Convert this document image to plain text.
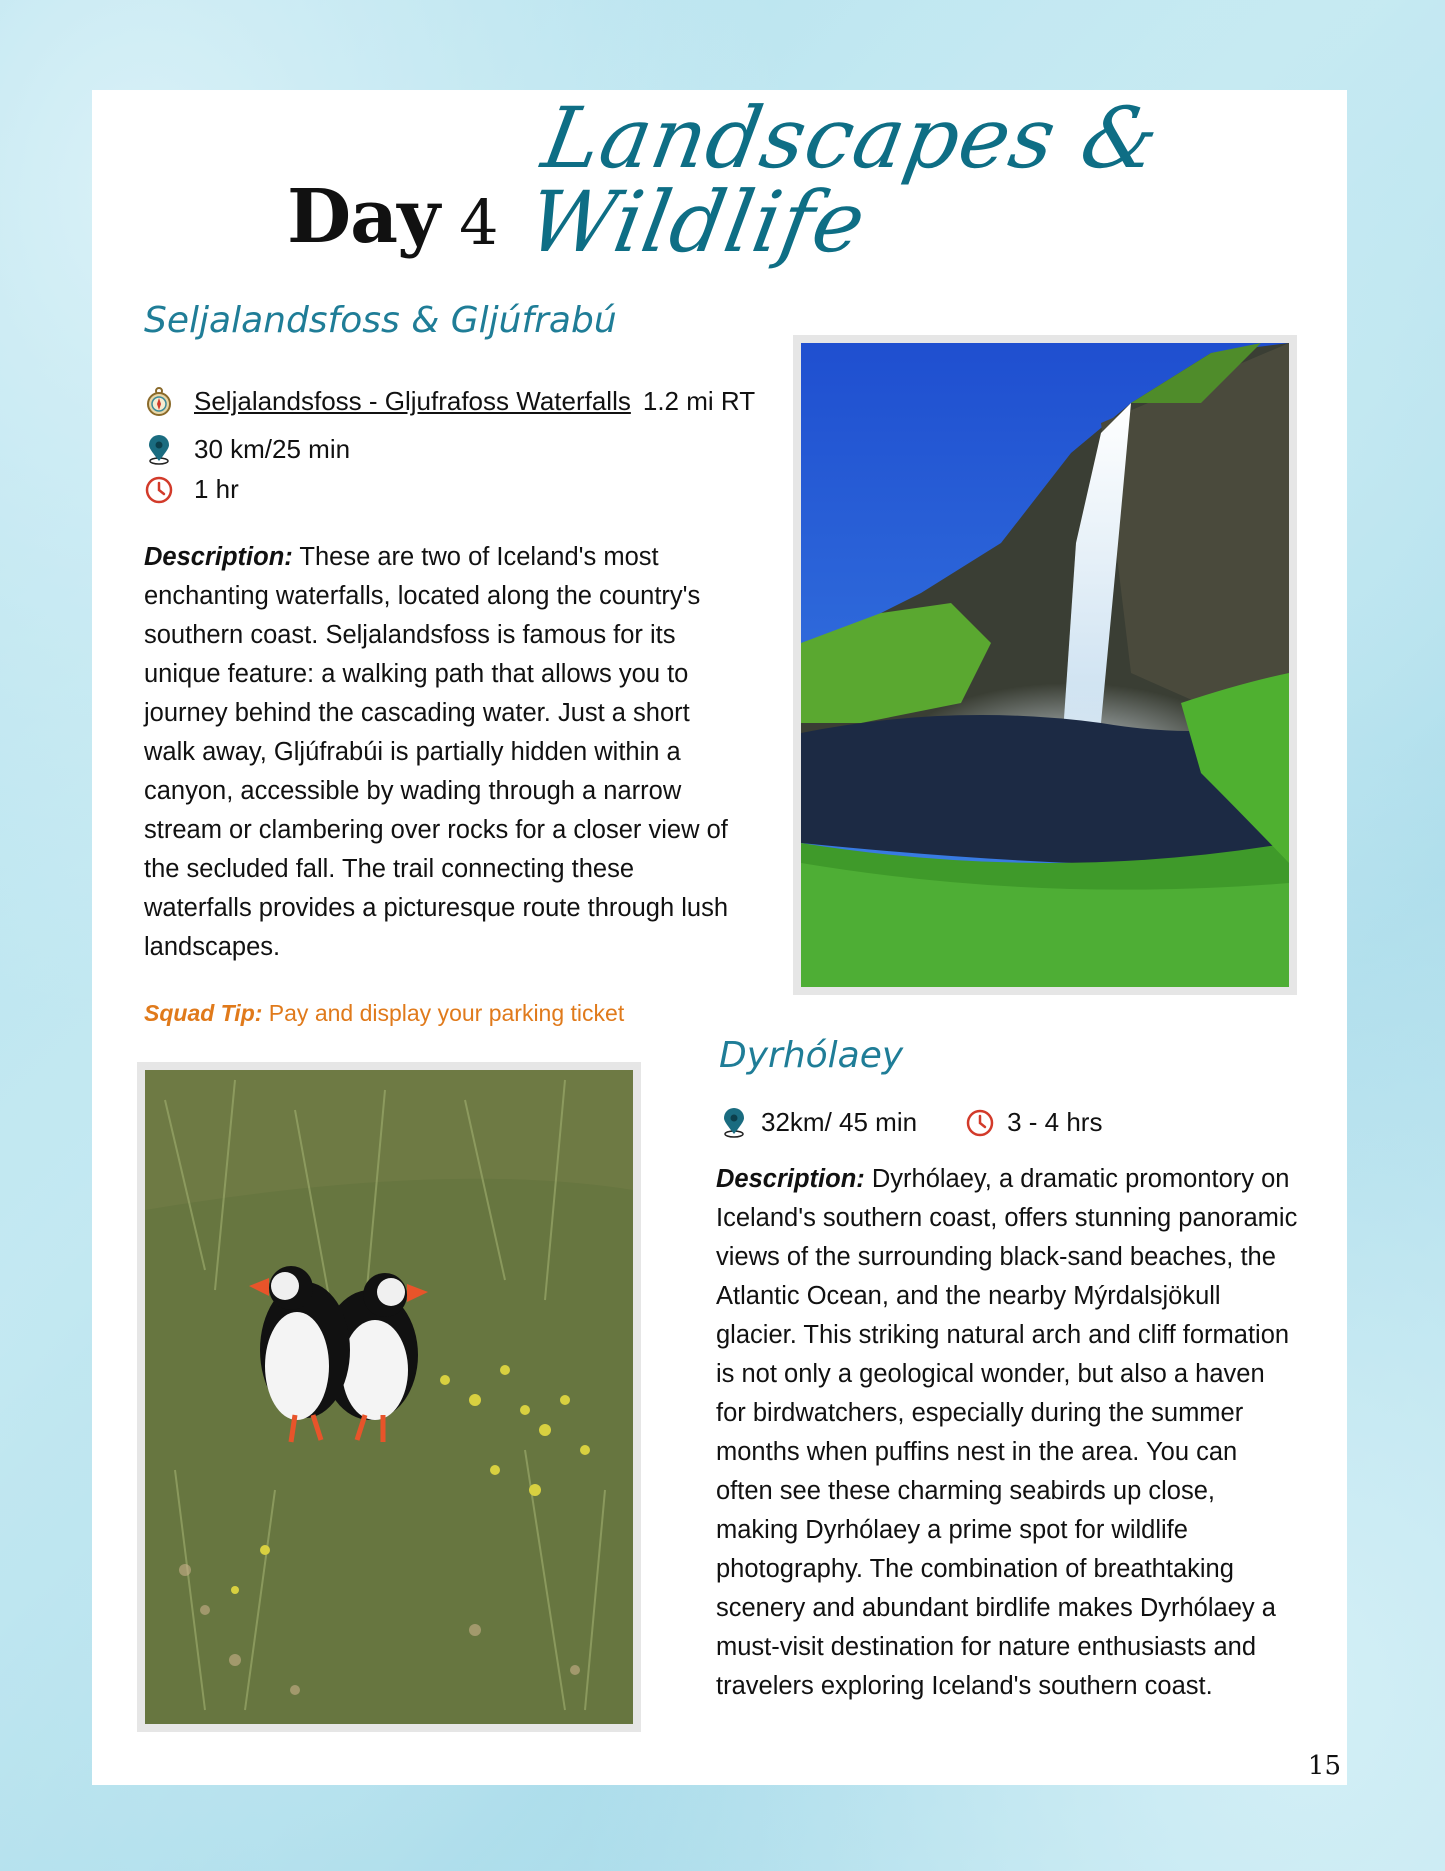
Day 4
Landscapes & Wildlife
Seljalandsfoss & Gljúfrabú
Seljalandsfoss - Gljufrafoss Waterfalls 1.2 mi RT
30 km/25 min
1 hr

Description: These are two of Iceland's most enchanting waterfalls, located along the country's southern coast. Seljalandsfoss is famous for its unique feature: a walking path that allows you to journey behind the cascading water. Just a short walk away, Gljúfrabúi is partially hidden within a canyon, accessible by wading through a narrow stream or clambering over rocks for a closer view of the secluded fall. The trail connecting these waterfalls provides a picturesque route through lush landscapes.

Squad Tip: Pay and display your parking ticket

Dyrhólaey
32km/ 45 min	3 - 4 hrs

Description: Dyrhólaey, a dramatic promontory on Iceland's southern coast, offers stunning panoramic views of the surrounding black-sand beaches, the Atlantic Ocean, and the nearby Mýrdalsjökull glacier. This striking natural arch and cliff formation is not only a geological wonder, but also a haven for birdwatchers, especially during the summer months when puffins nest in the area. You can often see these charming seabirds up close, making Dyrhólaey a prime spot for wildlife photography. The combination of breathtaking scenery and abundant birdlife makes Dyrhólaey a must-visit destination for nature enthusiasts and travelers exploring Iceland's southern coast.

15
